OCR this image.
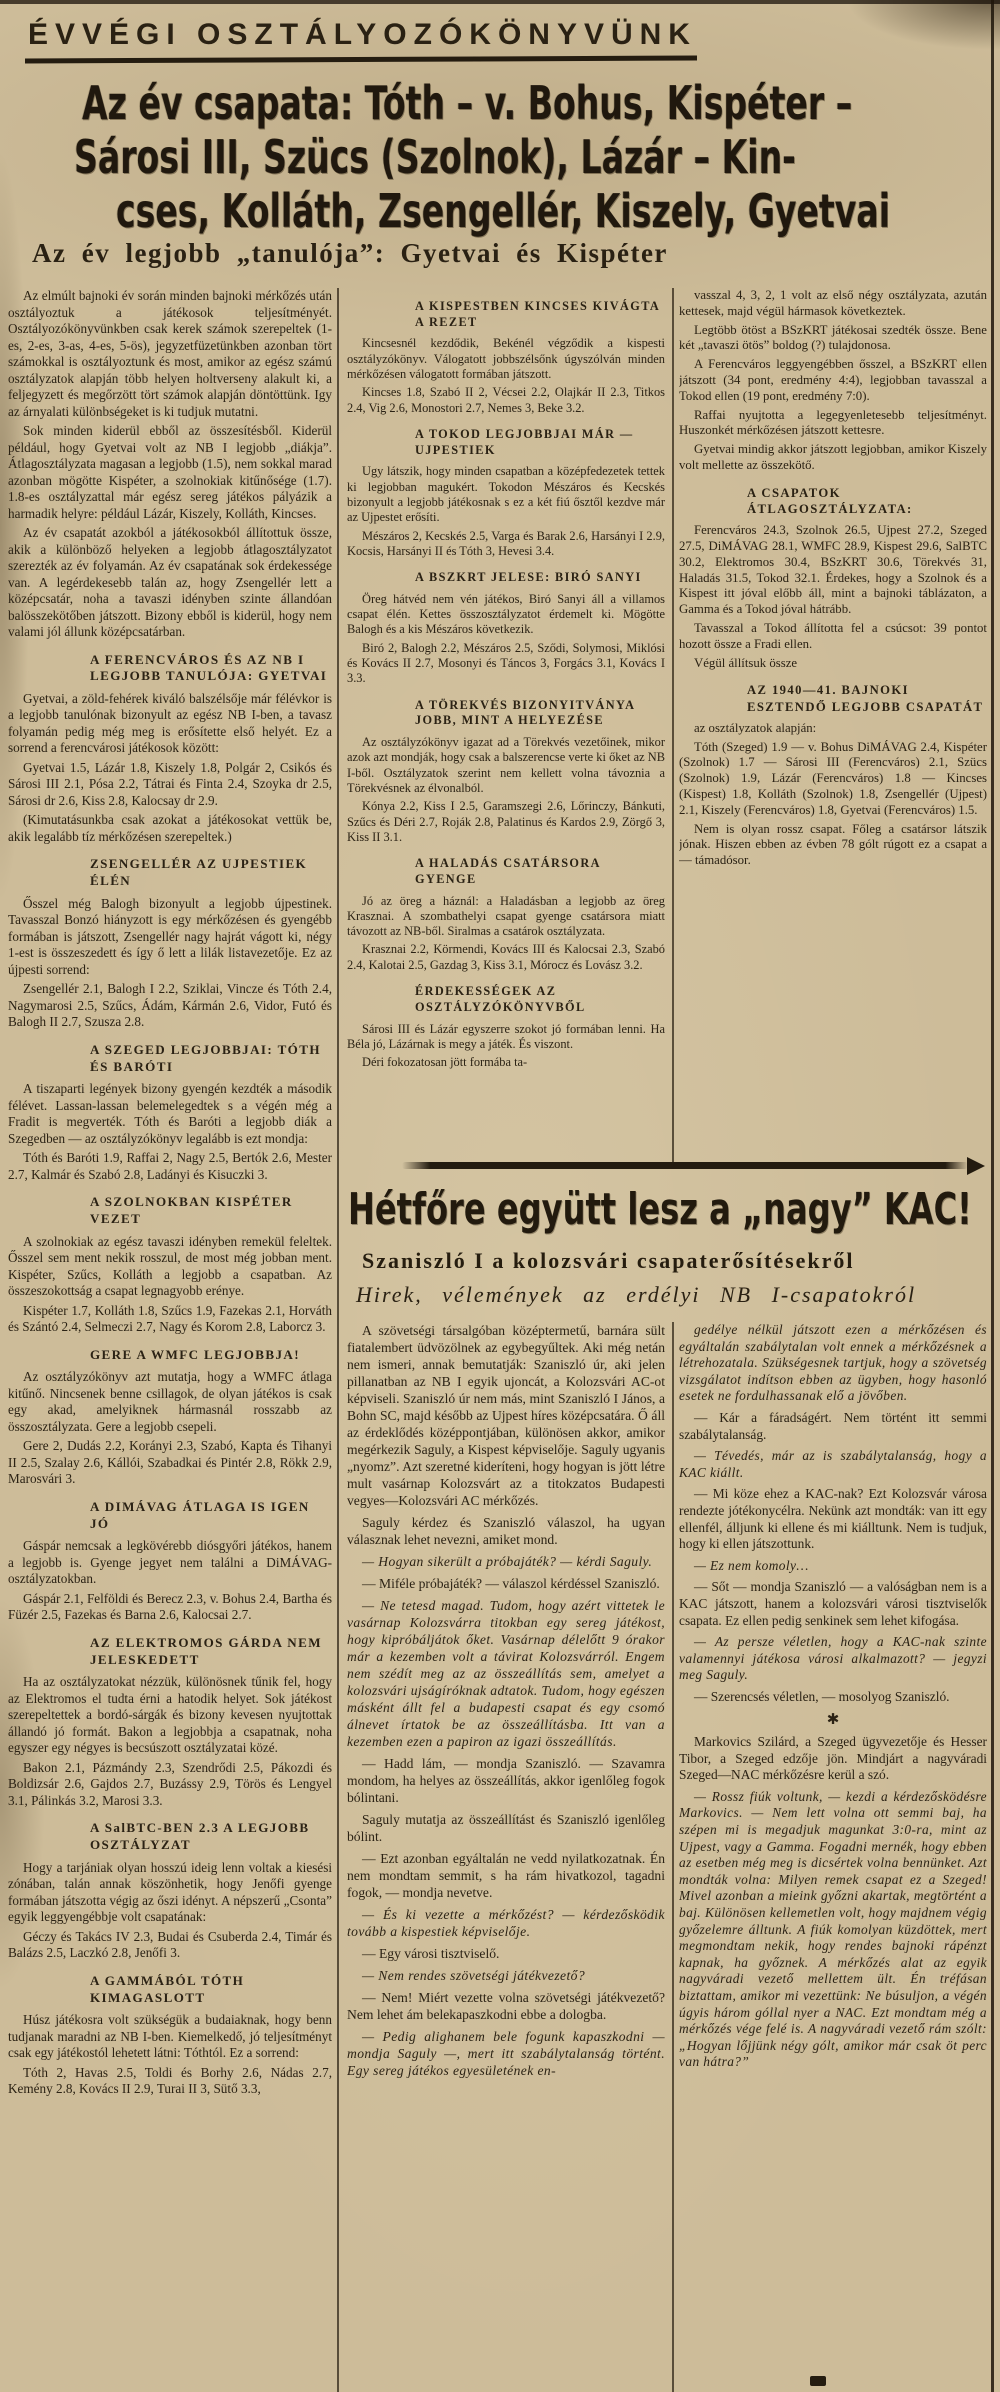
ÉVVÉGI OSZTÁLYOZÓKÖNYVÜNK
Az év csapata: Tóth – v. Bohus, Kispéter –
Sárosi III, Szücs (Szolnok), Lázár – Kin-
cses, Kolláth, Zsengellér, Kiszely, Gyetvai
Az év legjobb „tanulója”: Gyetvai és Kispéter
Az elmúlt bajnoki év során minden bajnoki mérkőzés után osztályoztuk a játékosok teljesítményét. Osztályozókönyvünkben csak kerek számok szerepeltek (1-es, 2-es, 3-as, 4-es, 5-ös), jegyzetfüzetünkben azonban tört számokkal is osztályoztunk és most, amikor az egész számú osztályzatok alapján több helyen holtverseny alakult ki, a feljegyzett és megőrzött tört számok alapján döntöttünk. Igy az árnyalati különbségeket is ki tudjuk mutatni.
Sok minden kiderül ebből az összesítésből. Kiderül például, hogy Gyetvai volt az NB I legjobb „diákja”. Átlagosztályzata magasan a legjobb (1.5), nem sokkal marad azonban mögötte Kispéter, a szolnokiak kitűnősége (1.7). 1.8-es osztályzattal már egész sereg játékos pályázik a harmadik helyre: például Lázár, Kiszely, Kolláth, Kincses.
Az év csapatát azokból a játékosokból állítottuk össze, akik a különböző helyeken a legjobb átlagosztályzatot szerezték az év folyamán. Az év csapatának sok érdekessége van. A legérdekesebb talán az, hogy Zsengellér lett a középcsatár, noha a tavaszi idényben szinte állandóan balösszekötőben játszott. Bizony ebből is kiderül, hogy nem valami jól állunk középcsatárban.
A FERENCVÁROS ÉS AZ NB I LEGJOBB TANULÓJA: GYETVAI
Gyetvai, a zöld-fehérek kiváló balszélsője már félévkor is a legjobb tanulónak bizonyult az egész NB I-ben, a tavasz folyamán pedig még meg is erősítette első helyét. Ez a sorrend a ferencvárosi játékosok között:
Gyetvai 1.5, Lázár 1.8, Kiszely 1.8, Polgár 2, Csikós és Sárosi III 2.1, Pósa 2.2, Tátrai és Finta 2.4, Szoyka dr 2.5, Sárosi dr 2.6, Kiss 2.8, Kalocsay dr 2.9.
(Kimutatásunkba csak azokat a játékosokat vettük be, akik legalább tíz mérkőzésen szerepeltek.)
ZSENGELLÉR AZ UJPESTIEK ÉLÉN
Ősszel még Balogh bizonyult a legjobb újpestinek. Tavasszal Bonzó hiányzott is egy mérkőzésen és gyengébb formában is játszott, Zsengellér nagy hajrát vágott ki, négy 1-est is összeszedett és így ő lett a lilák listavezetője. Ez az újpesti sorrend:
Zsengellér 2.1, Balogh I 2.2, Sziklai, Vincze és Tóth 2.4, Nagymarosi 2.5, Szűcs, Ádám, Kármán 2.6, Vidor, Futó és Balogh II 2.7, Szusza 2.8.
A SZEGED LEGJOBBJAI: TÓTH ÉS BARÓTI
A tiszaparti legények bizony gyengén kezdték a második félévet. Lassan-lassan belemelegedtek s a végén még a Fradit is megverték. Tóth és Baróti a legjobb diák a Szegedben — az osztályzókönyv legalább is ezt mondja:
Tóth és Baróti 1.9, Raffai 2, Nagy 2.5, Bertók 2.6, Mester 2.7, Kalmár és Szabó 2.8, Ladányi és Kisuczki 3.
A SZOLNOKBAN KISPÉTER VEZET
A szolnokiak az egész tavaszi idényben remekül feleltek. Ősszel sem ment nekik rosszul, de most még jobban ment. Kispéter, Szűcs, Kolláth a legjobb a csapatban. Az összeszokottság a csapat legnagyobb erénye.
Kispéter 1.7, Kolláth 1.8, Szűcs 1.9, Fazekas 2.1, Horváth és Szántó 2.4, Selmeczi 2.7, Nagy és Korom 2.8, Laborcz 3.
GERE A WMFC LEGJOBBJA!
Az osztályzókönyv azt mutatja, hogy a WMFC átlaga kitűnő. Nincsenek benne csillagok, de olyan játékos is csak egy akad, amelyiknek hármasnál rosszabb az összosztályzata. Gere a legjobb csepeli.
Gere 2, Dudás 2.2, Korányi 2.3, Szabó, Kapta és Tihanyi II 2.5, Szalay 2.6, Kállói, Szabadkai és Pintér 2.8, Rökk 2.9, Marosvári 3.
A DIMÁVAG ÁTLAGA IS IGEN JÓ
Gáspár nemcsak a legkövérebb diósgyőri játékos, hanem a legjobb is. Gyenge jegyet nem találni a DiMÁVAG-osztályzatokban.
Gáspár 2.1, Felföldi és Berecz 2.3, v. Bohus 2.4, Bartha és Füzér 2.5, Fazekas és Barna 2.6, Kalocsai 2.7.
AZ ELEKTROMOS GÁRDA NEM JELESKEDETT
Ha az osztályzatokat nézzük, különösnek tűnik fel, hogy az Elektromos el tudta érni a hatodik helyet. Sok játékost szerepeltettek a bordó-sárgák és bizony kevesen nyujtottak állandó jó formát. Bakon a legjobbja a csapatnak, noha egyszer egy négyes is becsúszott osztályzatai közé.
Bakon 2.1, Pázmándy 2.3, Szendrődi 2.5, Pákozdi és Boldizsár 2.6, Gajdos 2.7, Buzássy 2.9, Törös és Lengyel 3.1, Pálinkás 3.2, Marosi 3.3.
A SalBTC-BEN 2.3 A LEGJOBB OSZTÁLYZAT
Hogy a tarjániak olyan hosszú ideig lenn voltak a kiesési zónában, talán annak köszönhetik, hogy Jenőfi gyenge formában játszotta végig az őszi idényt. A népszerű „Csonta” egyik leggyengébbje volt csapatának:
Géczy és Takács IV 2.3, Budai és Csuberda 2.4, Timár és Balázs 2.5, Laczkó 2.8, Jenőfi 3.
A GAMMÁBÓL TÓTH KIMAGASLOTT
Húsz játékosra volt szükségük a budaiaknak, hogy benn tudjanak maradni az NB I-ben. Kiemelkedő, jó teljesítményt csak egy játékostól lehetett látni: Tóthtól. Ez a sorrend:
Tóth 2, Havas 2.5, Toldi és Borhy 2.6, Nádas 2.7, Kemény 2.8, Kovács II 2.9, Turai II 3, Sütő 3.3,
A KISPESTBEN KINCSES KIVÁGTA A REZET
Kincsesnél kezdődik, Bekénél végződik a kispesti osztályzókönyv. Válogatott jobbszélsőnk úgyszólván minden mérkőzésen válogatott formában játszott.
Kincses 1.8, Szabó II 2, Vécsei 2.2, Olajkár II 2.3, Titkos 2.4, Vig 2.6, Monostori 2.7, Nemes 3, Beke 3.2.
A TOKOD LEGJOBBJAI MÁR — UJPESTIEK
Ugy látszik, hogy minden csapatban a középfedezetek tettek ki legjobban magukért. Tokodon Mészáros és Kecskés bizonyult a legjobb játékosnak s ez a két fiú ősztől kezdve már az Ujpestet erősíti.
Mészáros 2, Kecskés 2.5, Varga és Barak 2.6, Harsányi I 2.9, Kocsis, Harsányi II és Tóth 3, Hevesi 3.4.
A BSZKRT JELESE: BIRÓ SANYI
Öreg hátvéd nem vén játékos, Biró Sanyi áll a villamos csapat élén. Kettes összosztályzatot érdemelt ki. Mögötte Balogh és a kis Mészáros következik.
Biró 2, Balogh 2.2, Mészáros 2.5, Sződi, Solymosi, Miklósi és Kovács II 2.7, Mosonyi és Táncos 3, Forgács 3.1, Kovács I 3.3.
A TÖREKVÉS BIZONYITVÁNYA JOBB, MINT A HELYEZÉSE
Az osztályzókönyv igazat ad a Törekvés vezetőinek, mikor azok azt mondják, hogy csak a balszerencse verte ki őket az NB I-ből. Osztályzatok szerint nem kellett volna távoznia a Törekvésnek az élvonalból.
Kónya 2.2, Kiss I 2.5, Garamszegi 2.6, Lőrinczy, Bánkuti, Szűcs és Déri 2.7, Roják 2.8, Palatinus és Kardos 2.9, Zörgő 3, Kiss II 3.1.
A HALADÁS CSATÁRSORA GYENGE
Jó az öreg a háznál: a Haladásban a legjobb az öreg Krasznai. A szombathelyi csapat gyenge csatársora miatt távozott az NB-ből. Siralmas a csatárok osztályzata.
Krasznai 2.2, Körmendi, Kovács III és Kalocsai 2.3, Szabó 2.4, Kalotai 2.5, Gazdag 3, Kiss 3.1, Mórocz és Lovász 3.2.
ÉRDEKESSÉGEK AZ OSZTÁLYZÓKÖNYVBŐL
Sárosi III és Lázár egyszerre szokot jó formában lenni. Ha Béla jó, Lázárnak is megy a játék. És viszont.
Déri fokozatosan jött formába ta-
vasszal 4, 3, 2, 1 volt az első négy osztályzata, azután kettesek, majd végül hármasok következtek.
Legtöbb ötöst a BSzKRT játékosai szedték össze. Bene két „tavaszi ötös” boldog (?) tulajdonosa.
A Ferencváros leggyengébben ősszel, a BSzKRT ellen játszott (34 pont, eredmény 4:4), legjobban tavasszal a Tokod ellen (19 pont, eredmény 7:0).
Raffai nyujtotta a legegyenletesebb teljesítményt. Huszonkét mérkőzésen játszott kettesre.
Gyetvai mindig akkor játszott legjobban, amikor Kiszely volt mellette az összekötő.
A CSAPATOK ÁTLAGOSZTÁLYZATA:
Ferencváros 24.3, Szolnok 26.5, Ujpest 27.2, Szeged 27.5, DiMÁVAG 28.1, WMFC 28.9, Kispest 29.6, SalBTC 30.2, Elektromos 30.4, BSzKRT 30.6, Törekvés 31, Haladás 31.5, Tokod 32.1. Érdekes, hogy a Szolnok és a Kispest itt jóval előbb áll, mint a bajnoki táblázaton, a Gamma és a Tokod jóval hátrább.
Tavasszal a Tokod állította fel a csúcsot: 39 pontot hozott össze a Fradi ellen.
Végül állítsuk össze
AZ 1940—41. BAJNOKI ESZTENDŐ LEGJOBB CSAPATÁT
az osztályzatok alapján:
Tóth (Szeged) 1.9 — v. Bohus DiMÁVAG 2.4, Kispéter (Szolnok) 1.7 — Sárosi III (Ferencváros) 2.1, Szücs (Szolnok) 1.9, Lázár (Ferencváros) 1.8 — Kincses (Kispest) 1.8, Kolláth (Szolnok) 1.8, Zsengellér (Ujpest) 2.1, Kiszely (Ferencváros) 1.8, Gyetvai (Ferencváros) 1.5.
Nem is olyan rossz csapat. Főleg a csatársor látszik jónak. Hiszen ebben az évben 78 gólt rúgott ez a csapat a — támadósor.
Hétfőre együtt lesz a „nagy” KAC!
Szaniszló I a kolozsvári csapaterősítésekről
Hirek, vélemények az erdélyi NB I-csapatokról
A szövetségi társalgóban középtermetű, barnára sült fiatalembert üdvözölnek az egybegyűltek. Aki még netán nem ismeri, annak bemutatják: Szaniszló úr, aki jelen pillanatban az NB I egyik ujoncát, a Kolozsvári AC-ot képviseli. Szaniszló úr nem más, mint Szaniszló I János, a Bohn SC, majd később az Ujpest híres középcsatára. Ő áll az érdeklődés középpontjában, különösen akkor, amikor megérkezik Saguly, a Kispest képviselője. Saguly ugyanis „nyomz”. Azt szeretné kideríteni, hogy hogyan is jött létre mult vasárnap Kolozsvárt az a titokzatos Budapesti vegyes—Kolozsvári AC mérkőzés.
Saguly kérdez és Szaniszló válaszol, ha ugyan válasznak lehet nevezni, amiket mond.
— Hogyan sikerült a próbajáték? — kérdi Saguly.
— Miféle próbajáték? — válaszol kérdéssel Szaniszló.
— Ne tetesd magad. Tudom, hogy azért vittetek le vasárnap Kolozsvárra titokban egy sereg játékost, hogy kipróbáljátok őket. Vasárnap délelőtt 9 órakor már a kezemben volt a távirat Kolozsvárról. Engem nem szédít meg az az összeállítás sem, amelyet a kolozsvári ujságíróknak adtatok. Tudom, hogy egészen másként állt fel a budapesti csapat és egy csomó álnevet írtatok be az összeállításba. Itt van a kezemben ezen a papiron az igazi összeállítás.
— Hadd lám, — mondja Szaniszló. — Szavamra mondom, ha helyes az összeállítás, akkor igenlőleg fogok bólintani.
Saguly mutatja az összeállítást és Szaniszló igenlőleg bólint.
— Ezt azonban egyáltalán ne vedd nyilatkozatnak. Én nem mondtam semmit, s ha rám hivatkozol, tagadni fogok, — mondja nevetve.
— És ki vezette a mérkőzést? — kérdezősködik tovább a kispestiek képviselője.
— Egy városi tisztviselő.
— Nem rendes szövetségi játékvezető?
— Nem! Miért vezette volna szövetségi játékvezető? Nem lehet ám belekapaszkodni ebbe a dologba.
— Pedig alighanem bele fogunk kapaszkodni — mondja Saguly —, mert itt szabálytalanság történt. Egy sereg játékos egyesületének en-
gedélye nélkül játszott ezen a mérkőzésen és egyáltalán szabálytalan volt ennek a mérkőzésnek a létrehozatala. Szükségesnek tartjuk, hogy a szövetség vizsgálatot indítson ebben az ügyben, hogy hasonló esetek ne fordulhassanak elő a jövőben.
— Kár a fáradságért. Nem történt itt semmi szabálytalanság.
— Tévedés, már az is szabálytalanság, hogy a KAC kiállt.
— Mi köze ehez a KAC-nak? Ezt Kolozsvár városa rendezte jótékonycélra. Nekünk azt mondták: van itt egy ellenfél, álljunk ki ellene és mi kiálltunk. Nem is tudjuk, hogy ki ellen játszottunk.
— Ez nem komoly…
— Sőt — mondja Szaniszló — a valóságban nem is a KAC játszott, hanem a kolozsvári városi tisztviselők csapata. Ez ellen pedig senkinek sem lehet kifogása.
— Az persze véletlen, hogy a KAC-nak szinte valamennyi játékosa városi alkalmazott? — jegyzi meg Saguly.
— Szerencsés véletlen, — mosolyog Szaniszló.
✱
Markovics Szilárd, a Szeged ügyvezetője és Hesser Tibor, a Szeged edzője jön. Mindjárt a nagyváradi Szeged—NAC mérkőzésre kerül a szó.
— Rossz fiúk voltunk, — kezdi a kérdezősködésre Markovics. — Nem lett volna ott semmi baj, ha szépen mi is megadjuk magunkat 3:0-ra, mint az Ujpest, vagy a Gamma. Fogadni mernék, hogy ebben az esetben még meg is dicsértek volna bennünket. Azt mondták volna: Milyen remek csapat ez a Szeged! Mivel azonban a mieink győzni akartak, megtörtént a baj. Különösen kellemetlen volt, hogy majdnem végig győzelemre álltunk. A fiúk komolyan küzdöttek, mert megmondtam nekik, hogy rendes bajnoki rápénzt kapnak, ha győznek. A mérkőzés alat az egyik nagyváradi vezető mellettem ült. Én tréfásan biztattam, amikor mi vezettünk: Ne búsuljon, a végén úgyis három góllal nyer a NAC. Ezt mondtam még a mérkőzés vége felé is. A nagyváradi vezető rám szólt: „Hogyan lőjjünk négy gólt, amikor már csak öt perc van hátra?”
